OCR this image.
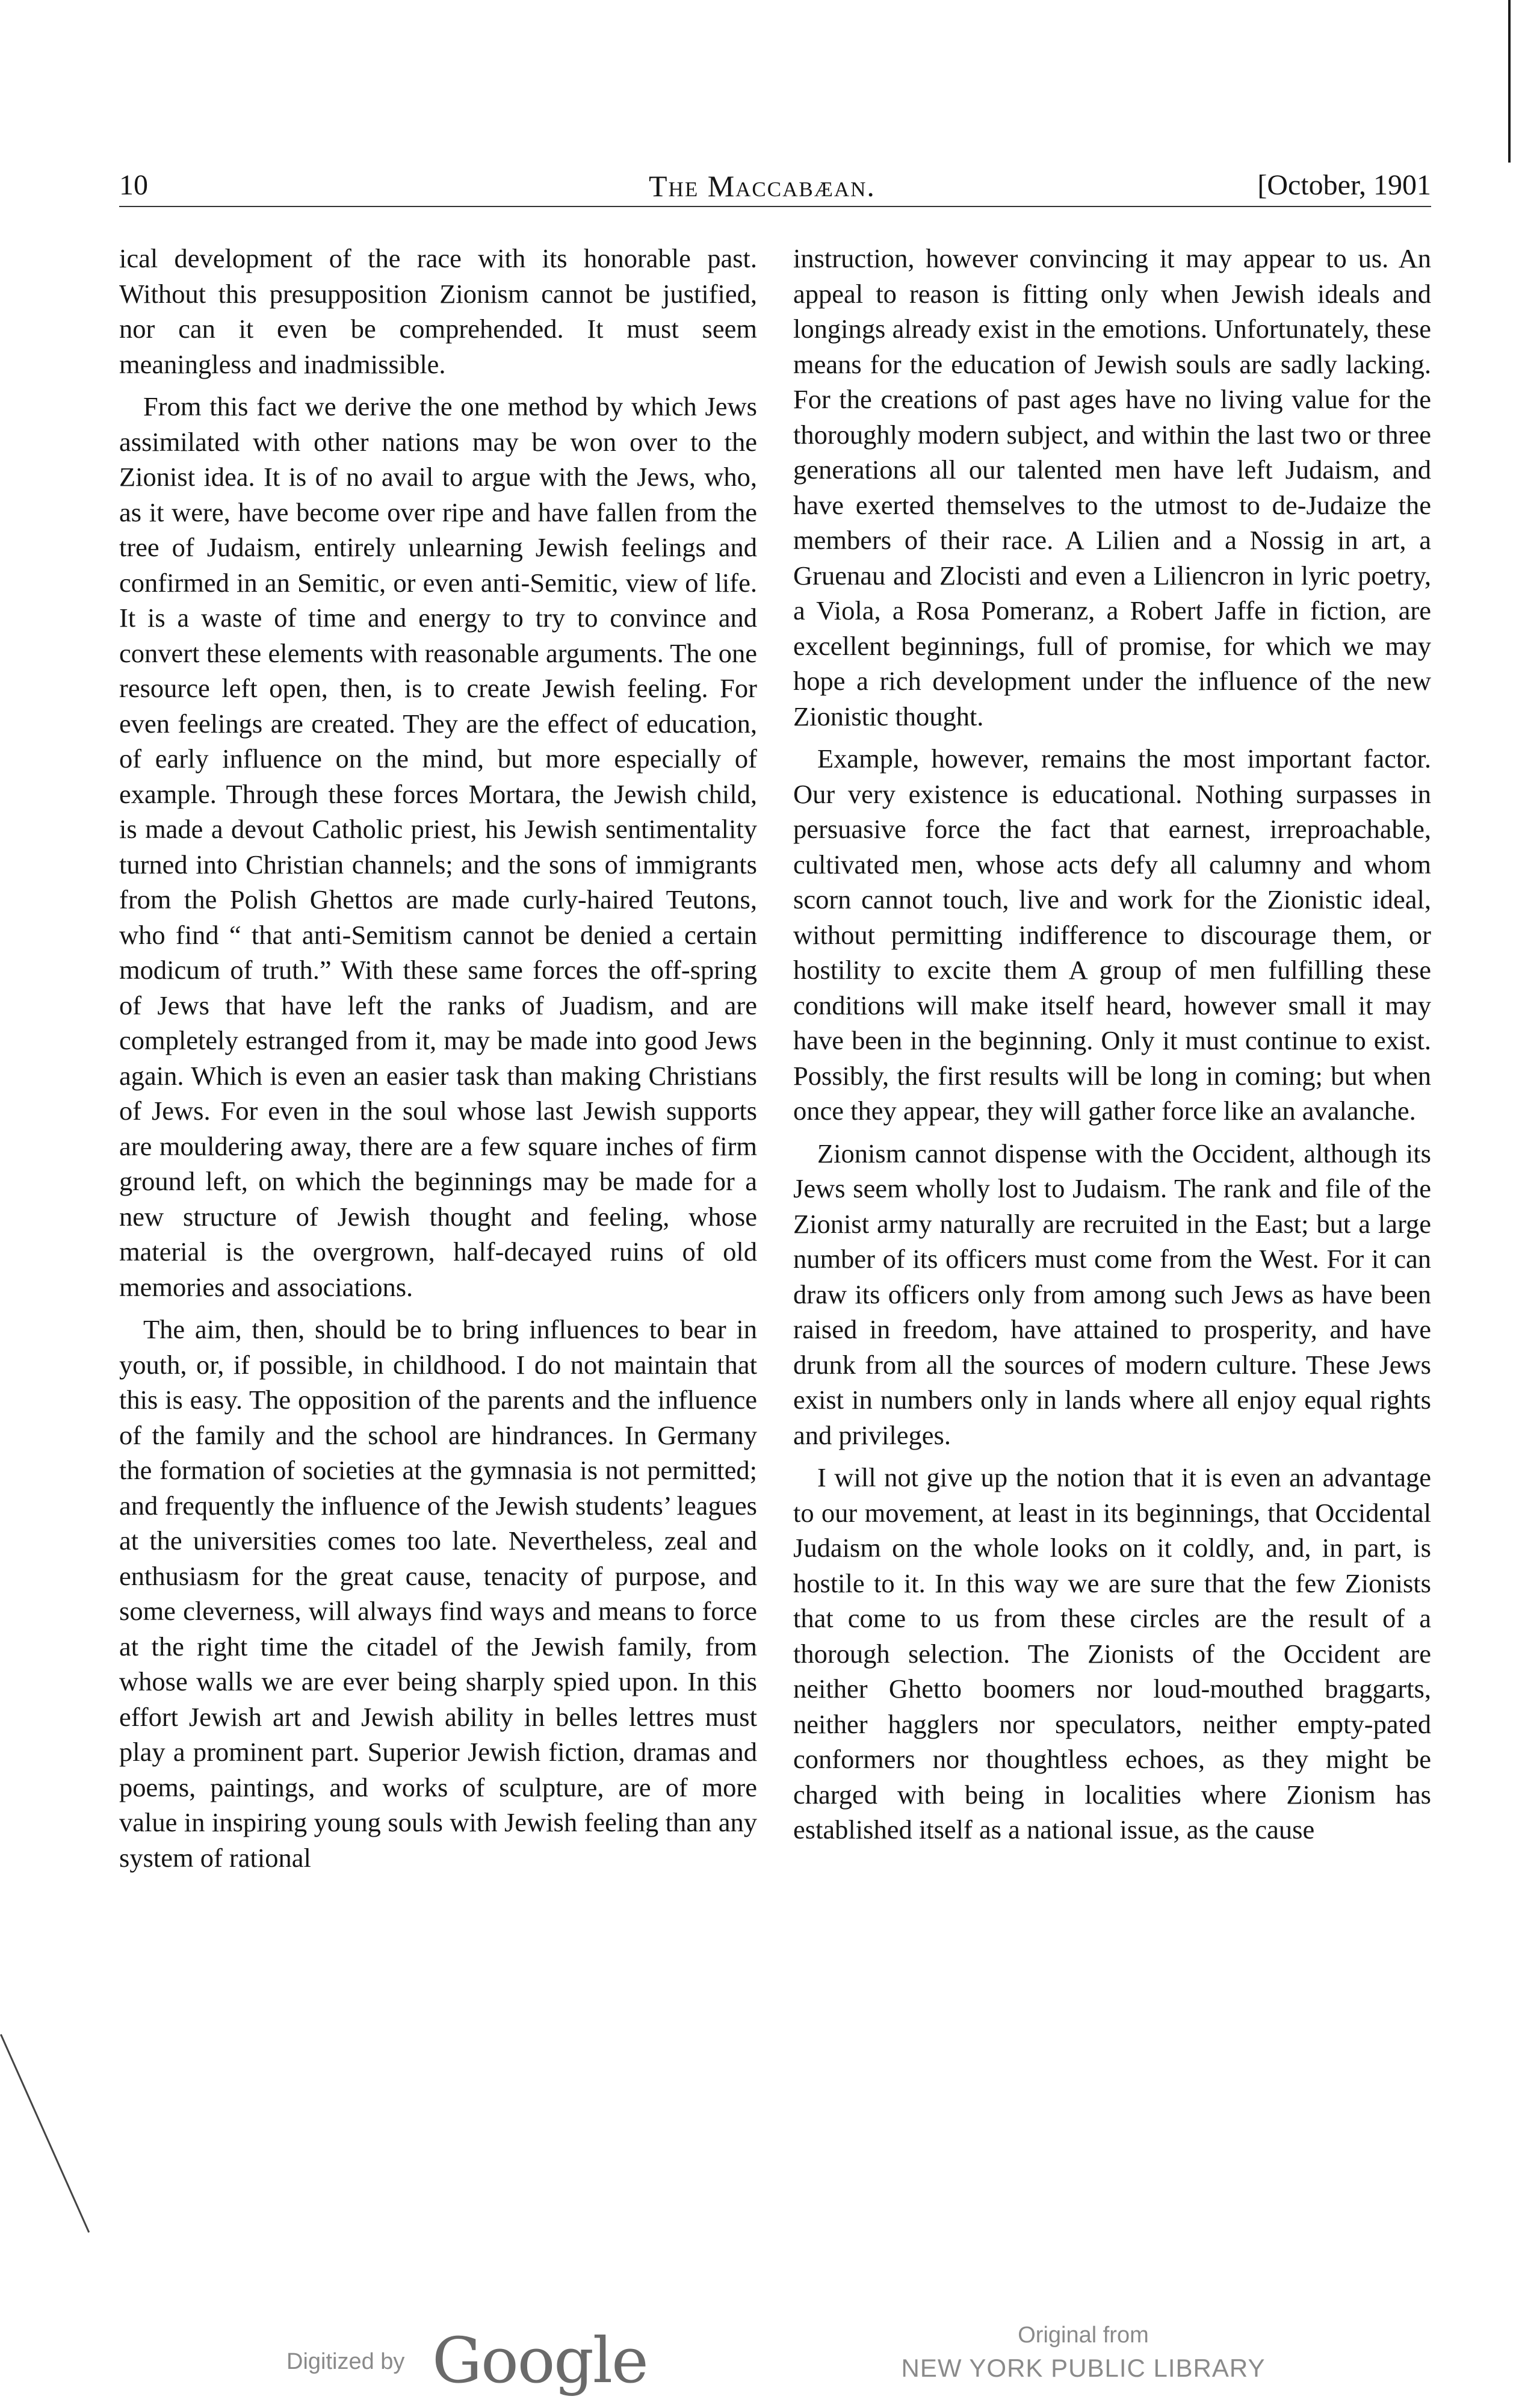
10	The Maccabæan.	[October, 1901

ical development of the race with its honorable past. Without this presupposition Zionism cannot be justified, nor can it even be comprehended. It must seem meaningless and inadmissible.

From this fact we derive the one method by which Jews assimilated with other nations may be won over to the Zionist idea. It is of no avail to argue with the Jews, who, as it were, have become over ripe and have fallen from the tree of Judaism, entirely unlearning Jewish feelings and confirmed in an Semitic, or even anti-Semitic, view of life. It is a waste of time and energy to try to convince and convert these elements with reasonable arguments. The one resource left open, then, is to create Jewish feeling. For even feelings are created. They are the effect of education, of early influence on the mind, but more especially of example. Through these forces Mortara, the Jewish child, is made a devout Catholic priest, his Jewish sentimentality turned into Christian channels; and the sons of immigrants from the Polish Ghettos are made curly-haired Teutons, who find “ that anti-Semitism cannot be denied a certain modicum of truth.” With these same forces the off-spring of Jews that have left the ranks of Juadism, and are completely estranged from it, may be made into good Jews again. Which is even an easier task than making Christians of Jews. For even in the soul whose last Jewish supports are mouldering away, there are a few square inches of firm ground left, on which the beginnings may be made for a new structure of Jewish thought and feeling, whose material is the overgrown, half-decayed ruins of old memories and associations.

The aim, then, should be to bring influences to bear in youth, or, if possible, in childhood. I do not maintain that this is easy. The opposition of the parents and the influence of the family and the school are hindrances. In Germany the formation of societies at the gymnasia is not permitted; and frequently the influence of the Jewish students’ leagues at the universities comes too late. Nevertheless, zeal and enthusiasm for the great cause, tenacity of purpose, and some cleverness, will always find ways and means to force at the right time the citadel of the Jewish family, from whose walls we are ever being sharply spied upon. In this effort Jewish art and Jewish ability in belles lettres must play a prominent part. Superior Jewish fiction, dramas and poems, paintings, and works of sculpture, are of more value in inspiring young souls with Jewish feeling than any system of rational

instruction, however convincing it may appear to us. An appeal to reason is fitting only when Jewish ideals and longings already exist in the emotions. Unfortunately, these means for the education of Jewish souls are sadly lacking. For the creations of past ages have no living value for the thoroughly modern subject, and within the last two or three generations all our talented men have left Judaism, and have exerted themselves to the utmost to de-Judaize the members of their race. A Lilien and a Nossig in art, a Gruenau and Zlocisti and even a Liliencron in lyric poetry, a Viola, a Rosa Pomeranz, a Robert Jaffe in fiction, are excellent beginnings, full of promise, for which we may hope a rich development under the influence of the new Zionistic thought.

Example, however, remains the most important factor. Our very existence is educational. Nothing surpasses in persuasive force the fact that earnest, irreproachable, cultivated men, whose acts defy all calumny and whom scorn cannot touch, live and work for the Zionistic ideal, without permitting indifference to discourage them, or hostility to excite them A group of men fulfilling these conditions will make itself heard, however small it may have been in the beginning. Only it must continue to exist. Possibly, the first results will be long in coming; but when once they appear, they will gather force like an avalanche.

Zionism cannot dispense with the Occident, although its Jews seem wholly lost to Judaism. The rank and file of the Zionist army naturally are recruited in the East; but a large number of its officers must come from the West. For it can draw its officers only from among such Jews as have been raised in freedom, have attained to prosperity, and have drunk from all the sources of modern culture. These Jews exist in numbers only in lands where all enjoy equal rights and privileges.

I will not give up the notion that it is even an advantage to our movement, at least in its beginnings, that Occidental Judaism on the whole looks on it coldly, and, in part, is hostile to it. In this way we are sure that the few Zionists that come to us from these circles are the result of a thorough selection. The Zionists of the Occident are neither Ghetto boomers nor loud-mouthed braggarts, neither hagglers nor speculators, neither empty-pated conformers nor thoughtless echoes, as they might be charged with being in localities where Zionism has established itself as a national issue, as the cause

Digitized by Google	Original from
NEW YORK PUBLIC LIBRARY
